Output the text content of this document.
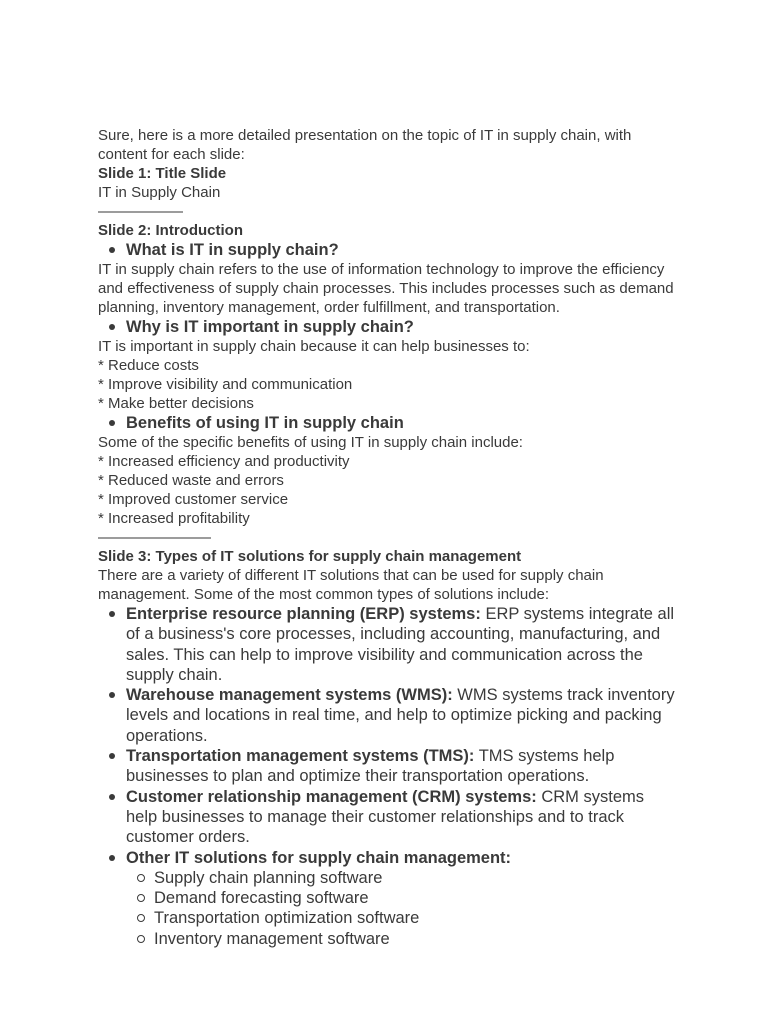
Sure, here is a more detailed presentation on the topic of IT in supply chain, with content for each slide:

Slide 1: Title Slide

IT in Supply Chain

——————

Slide 2: Introduction

What is IT in supply chain?

IT in supply chain refers to the use of information technology to improve the efficiency and effectiveness of supply chain processes. This includes processes such as demand planning, inventory management, order fulfillment, and transportation.

Why is IT important in supply chain?

IT is important in supply chain because it can help businesses to:

* Reduce costs

* Improve visibility and communication

* Make better decisions

Benefits of using IT in supply chain

Some of the specific benefits of using IT in supply chain include:

* Increased efficiency and productivity

* Reduced waste and errors

* Improved customer service

* Increased profitability

————————

Slide 3: Types of IT solutions for supply chain management

There are a variety of different IT solutions that can be used for supply chain management. Some of the most common types of solutions include:

Enterprise resource planning (ERP) systems: ERP systems integrate all of a business's core processes, including accounting, manufacturing, and sales. This can help to improve visibility and communication across the supply chain.

Warehouse management systems (WMS): WMS systems track inventory levels and locations in real time, and help to optimize picking and packing operations.

Transportation management systems (TMS): TMS systems help businesses to plan and optimize their transportation operations.

Customer relationship management (CRM) systems: CRM systems help businesses to manage their customer relationships and to track customer orders.

Other IT solutions for supply chain management:

Supply chain planning software

Demand forecasting software

Transportation optimization software

Inventory management software
